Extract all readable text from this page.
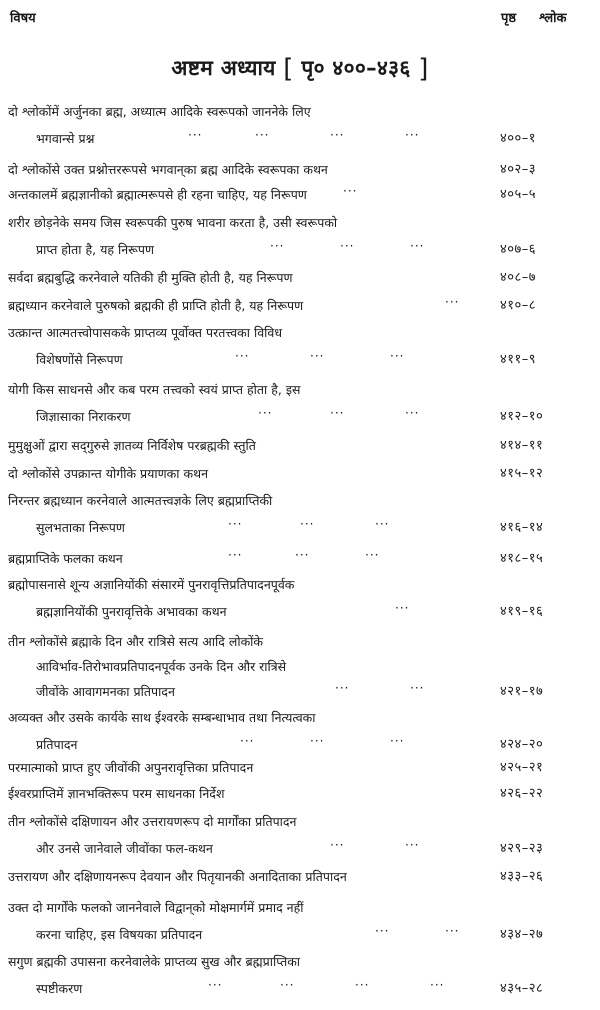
विषय	पृष्ठ श्लोक
अष्टम अध्याय [ पृ० ४००–४३६ ]
दो श्लोकोंमें अर्जुनका ब्रह्म, अध्यात्म आदिके स्वरूपको जाननेके लिए
भगवान्से प्रश्न	···	···	···	···	४००–१
दो श्लोकोंसे उक्त प्रश्नोत्तररूपसे भगवान्‌का ब्रह्म आदिके स्वरूपका कथन	४०२–३
अन्तकालमें ब्रह्मज्ञानीको ब्रह्मात्मरूपसे ही रहना चाहिए, यह निरूपण	···	४०५–५
शरीर छोड़नेके समय जिस स्वरूपकी पुरुष भावना करता है, उसी स्वरूपको
प्राप्त होता है, यह निरूपण	···	···	···	४०७–६
सर्वदा ब्रह्मबुद्धि करनेवाले यतिकी ही मुक्ति होती है, यह निरूपण	४०८–७
ब्रह्मध्यान करनेवाले पुरुषको ब्रह्मकी ही प्राप्ति होती है, यह निरूपण	···	४१०–८
उत्क्रान्त आत्मतत्त्वोपासकके प्राप्तव्य पूर्वोक्त परतत्त्वका विविध
विशेषणोंसे निरूपण	···	···	···	४११–९
योगी किस साधनसे और कब परम तत्त्वको स्वयं प्राप्त होता है, इस
जिज्ञासाका निराकरण	···	···	···	४१२–१०
मुमुक्षुओं द्वारा सद्‌गुरुसे ज्ञातव्य निर्विशेष परब्रह्मकी स्तुति	४१४–११
दो श्लोकोंसे उपक्रान्त योगीके प्रयाणका कथन	४१५–१२
निरन्तर ब्रह्मध्यान करनेवाले आत्मतत्त्वज्ञके लिए ब्रह्मप्राप्तिकी
सुलभताका निरूपण	···	···	···	४१६–१४
ब्रह्मप्राप्तिके फलका कथन	···	···	···	४१८–१५
ब्रह्मोपासनासे शून्य अज्ञानियोंकी संसारमें पुनरावृत्तिप्रतिपादनपूर्वक
ब्रह्मज्ञानियोंकी पुनरावृत्तिके अभावका कथन	···	४१९–१६
तीन श्लोकोंसे ब्रह्माके दिन और रात्रिसे सत्य आदि लोकोंके
आविर्भाव-तिरोभावप्रतिपादनपूर्वक उनके दिन और रात्रिसे
जीवोंके आवागमनका प्रतिपादन	···	···	४२१–१७
अव्यक्त और उसके कार्यके साथ ईश्वरके सम्बन्धाभाव तथा नित्यत्वका
प्रतिपादन	···	···	···	४२४–२०
परमात्माको प्राप्त हुए जीवोंकी अपुनरावृत्तिका प्रतिपादन	४२५–२१
ईश्वरप्राप्तिमें ज्ञानभक्तिरूप परम साधनका निर्देश	४२६–२२
तीन श्लोकोंसे दक्षिणायन और उत्तरायणरूप दो मार्गोंका प्रतिपादन
और उनसे जानेवाले जीवोंका फल-कथन	···	···	४२९–२३
उत्तरायण और दक्षिणायनरूप देवयान और पितृयानकी अनादिताका प्रतिपादन	४३३–२६
उक्त दो मार्गोंके फलको जाननेवाले विद्वान्‌को मोक्षमार्गमें प्रमाद नहीं
करना चाहिए, इस विषयका प्रतिपादन	···	···	४३४–२७
सगुण ब्रह्मकी उपासना करनेवालेके प्राप्तव्य सुख और ब्रह्मप्राप्तिका
स्पष्टीकरण	···	···	···	···	४३५–२८
